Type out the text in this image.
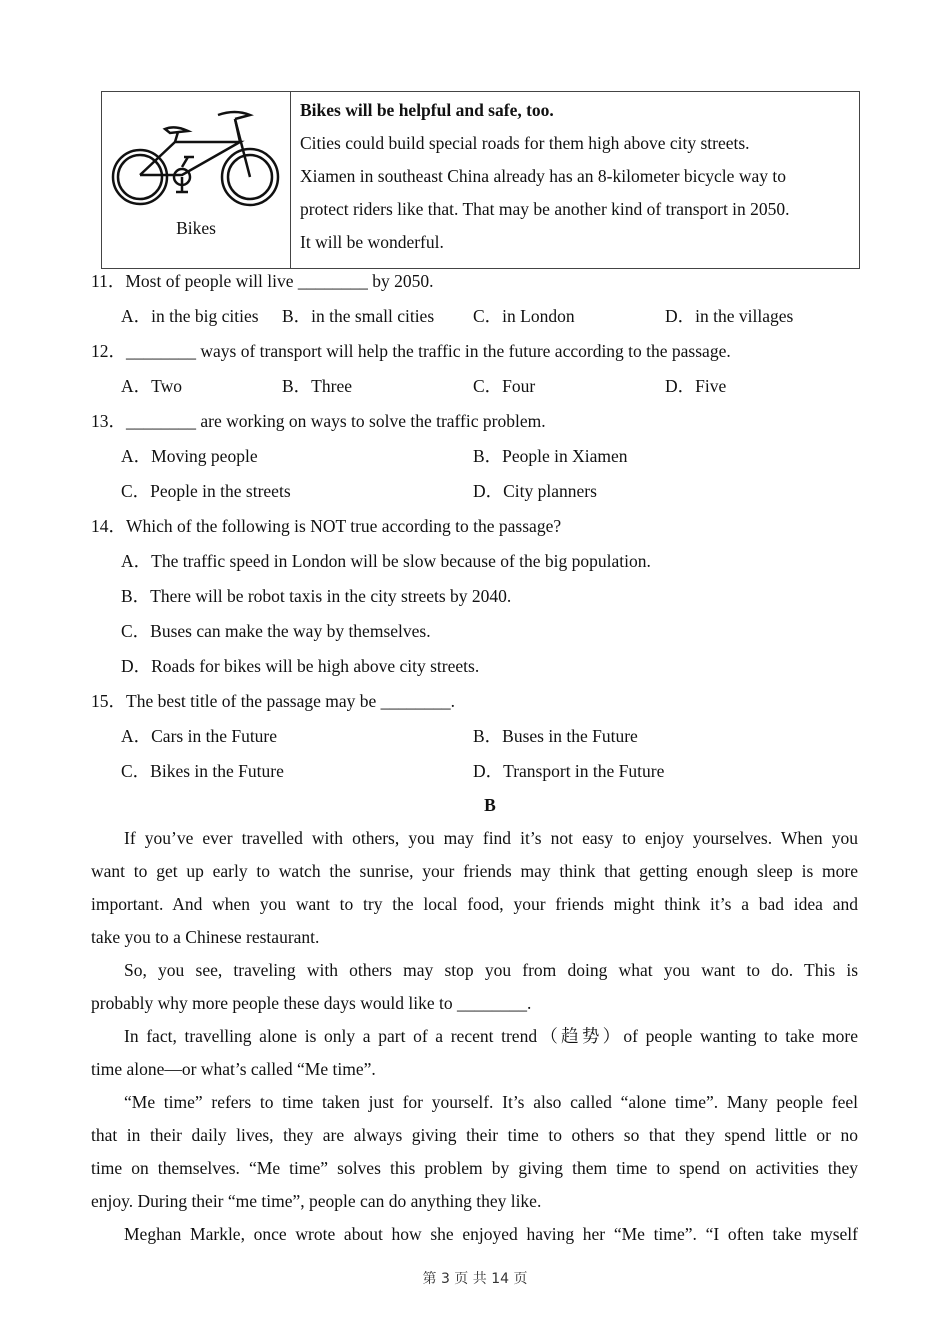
Bikes
Bikes will be helpful and safe, too.
Cities could build special roads for them high above city streets.
Xiamen in southeast China already has an 8-kilometer bicycle way to
protect riders like that. That may be another kind of transport in 2050.
It will be wonderful.
11．Most of people will live ________ by 2050.
A．in the big cities B．in the small cities C．in London	D．in the villages
12．________ ways of transport will help the traffic in the future according to the passage.
A．Two	B．Three	C．Four	D．Five
13．________ are working on ways to solve the traffic problem.
A．Moving people	B．People in Xiamen
C．People in the streets	D．City planners
14．Which of the following is NOT true according to the passage?
A．The traffic speed in London will be slow because of the big population.
B．There will be robot taxis in the city streets by 2040.
C．Buses can make the way by themselves.
D．Roads for bikes will be high above city streets.
15．The best title of the passage may be ________.
A．Cars in the Future	B．Buses in the Future
C．Bikes in the Future	D．Transport in the Future
B
If you’ve ever travelled with others, you may find it’s not easy to enjoy yourselves. When you
want to get up early to watch the sunrise, your friends may think that getting enough sleep is more
important. And when you want to try the local food, your friends might think it’s a bad idea and
take you to a Chinese restaurant.
So, you see, traveling with others may stop you from doing what you want to do. This is
probably why more people these days would like to ________.
In fact, travelling alone is only a part of a recent trend（趋势）of people wanting to take more
time alone—or what’s called “Me time”.
“Me time” refers to time taken just for yourself. It’s also called “alone time”. Many people feel
that in their daily lives, they are always giving their time to others so that they spend little or no
time on themselves. “Me time” solves this problem by giving them time to spend on activities they
enjoy. During their “me time”, people can do anything they like.
Meghan Markle, once wrote about how she enjoyed having her “Me time”. “I often take myself
第 3 页 共 14 页
